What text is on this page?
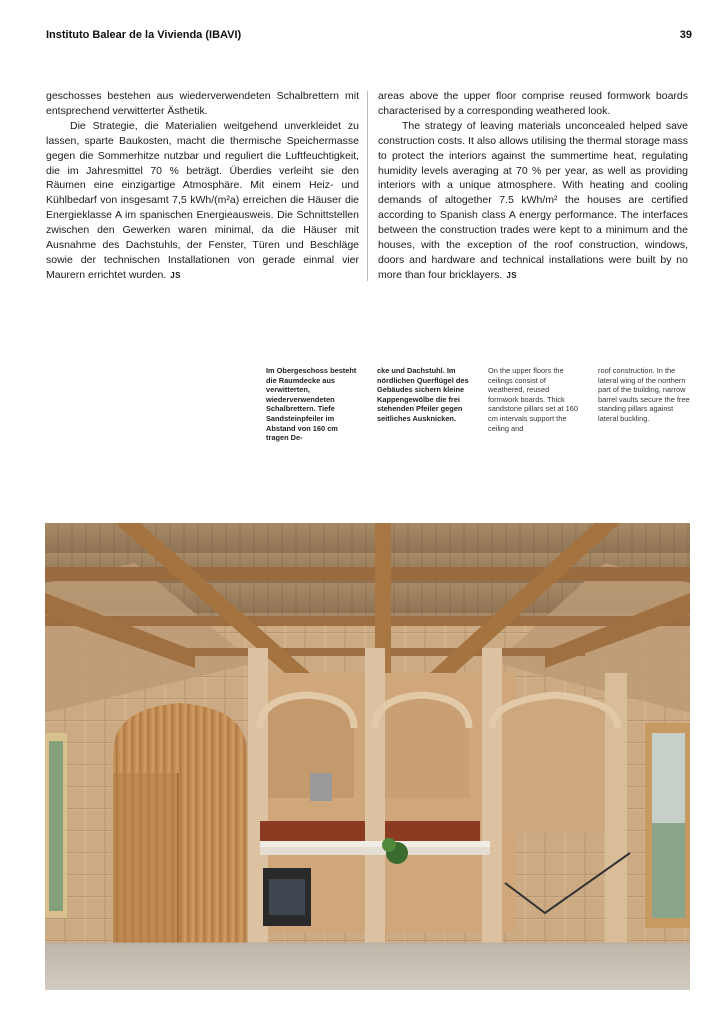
Instituto Balear de la Vivienda (IBAVI)	39

geschosses bestehen aus wiederverwendeten Schalbrettern mit entsprechend verwitterter Ästhetik.

Die Strategie, die Materialien weitgehend unverkleidet zu lassen, sparte Baukosten, macht die thermische Speichermasse gegen die Sommerhitze nutzbar und reguliert die Luftfeuchtigkeit, die im Jahresmittel 70 % beträgt. Überdies verleiht sie den Räumen eine einzigartige Atmosphäre. Mit einem Heiz- und Kühlbedarf von insgesamt 7,5 kWh/(m²a) erreichen die Häuser die Energieklasse A im spanischen Energieausweis. Die Schnittstellen zwischen den Gewerken waren minimal, da die Häuser mit Ausnahme des Dachstuhls, der Fenster, Türen und Beschläge sowie der technischen Installationen von gerade einmal vier Maurern errichtet wurden. JS

areas above the upper floor comprise reused formwork boards characterised by a corresponding weathered look.

The strategy of leaving materials unconcealed helped save construction costs. It also allows utilising the thermal storage mass to protect the interiors against the summertime heat, regulating humidity levels averaging at 70 % per year, as well as providing interiors with a unique atmosphere. With heating and cooling demands of altogether 7.5 kWh/m² the houses are certified according to Spanish class A energy performance. The interfaces between the construction trades were kept to a minimum and the houses, with the exception of the roof construction, windows, doors and hardware and technical installations were built by no more than four bricklayers. JS

Im Obergeschoss besteht die Raumdecke aus verwitterten, wiederverwendeten Schalbrettern. Tiefe Sandsteinpfeiler im Abstand von 160 cm tragen De-
cke und Dachstuhl. Im nördlichen Querflügel des Gebäudes sichern kleine Kappengewölbe die frei stehenden Pfeiler gegen seitliches Ausknicken.
On the upper floors the ceilings consist of weathered, reused formwork boards. Thick sandstone pillars set at 160 cm intervals support the ceiling and
roof construction. In the lateral wing of the northern part of the building, narrow barrel vaults secure the free standing pillars against lateral buckling.
